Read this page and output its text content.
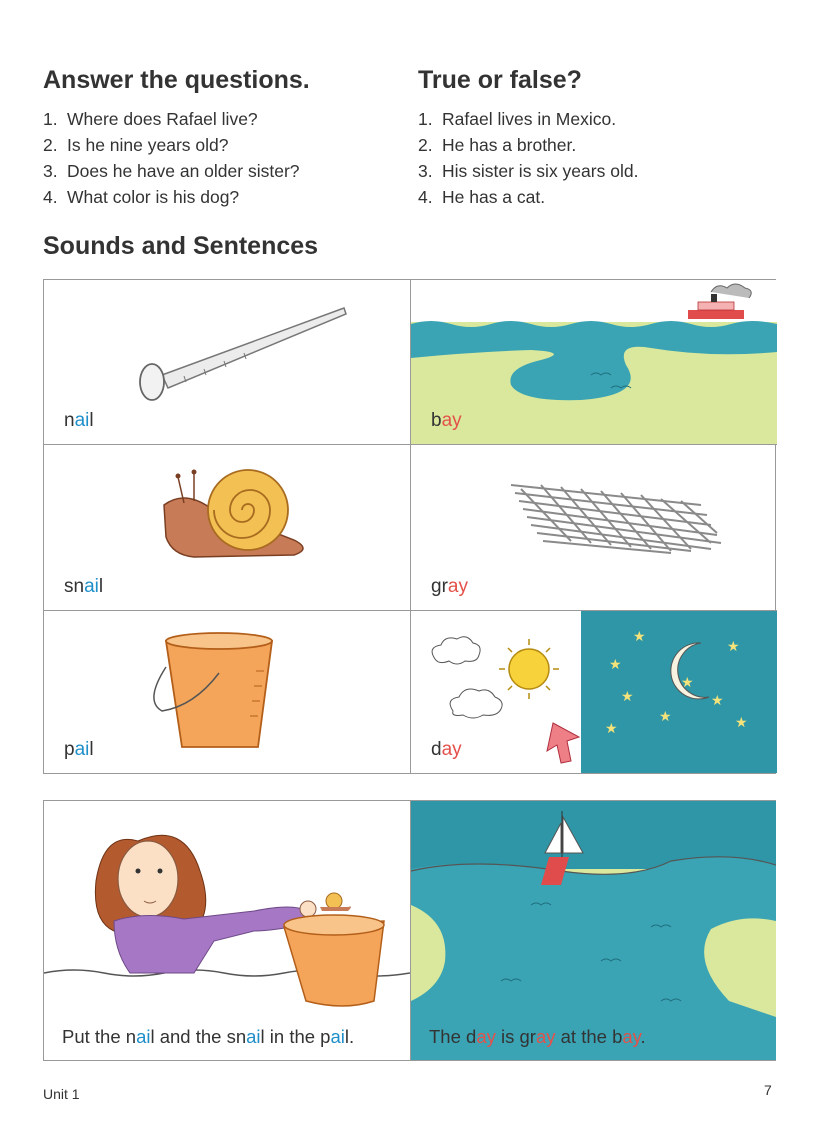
Answer the questions.
1. Where does Rafael live?
2. Is he nine years old?
3. Does he have an older sister?
4. What color is his dog?
True or false?
1. Rafael lives in Mexico.
2. He has a brother.
3. His sister is six years old.
4. He has a cat.
Sounds and Sentences
nail	bay
snail	gray
pail
★
★
★
★	★
★
★	★
★
day
Put the nail and the snail in the pail.	The day is gray at the bay.
Unit 1	7
